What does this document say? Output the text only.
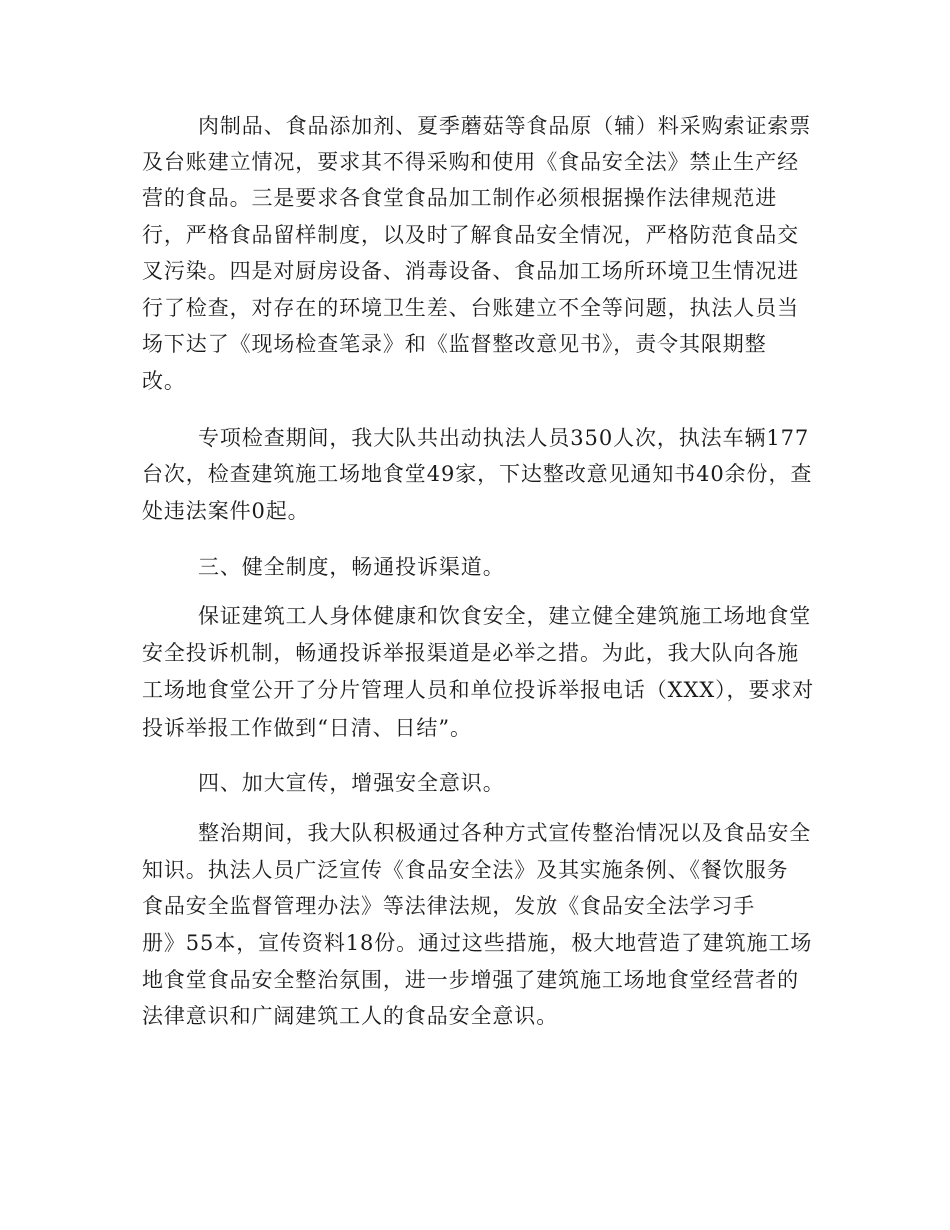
肉制品、食品添加剂、夏季蘑菇等食品原（辅）料采购索证索票
及台账建立情况，要求其不得采购和使用《食品安全法》禁止生产经
营的食品。三是要求各食堂食品加工制作必须根据操作法律规范进
行，严格食品留样制度，以及时了解食品安全情况，严格防范食品交
叉污染。四是对厨房设备、消毒设备、食品加工场所环境卫生情况进
行了检查，对存在的环境卫生差、台账建立不全等问题，执法人员当
场下达了《现场检查笔录》和《监督整改意见书》，责令其限期整
改。
专项检查期间，我大队共出动执法人员350人次，执法车辆177
台次，检查建筑施工场地食堂49家，下达整改意见通知书40余份，查
处违法案件0起。
三、健全制度，畅通投诉渠道。
保证建筑工人身体健康和饮食安全，建立健全建筑施工场地食堂
安全投诉机制，畅通投诉举报渠道是必举之措。为此，我大队向各施
工场地食堂公开了分片管理人员和单位投诉举报电话（XXX），要求对
投诉举报工作做到“日清、日结”。
四、加大宣传，增强安全意识。
整治期间，我大队积极通过各种方式宣传整治情况以及食品安全
知识。执法人员广泛宣传《食品安全法》及其实施条例、《餐饮服务
食品安全监督管理办法》等法律法规，发放《食品安全法学习手
册》55本，宣传资料18份。通过这些措施，极大地营造了建筑施工场
地食堂食品安全整治氛围，进一步增强了建筑施工场地食堂经营者的
法律意识和广阔建筑工人的食品安全意识。
